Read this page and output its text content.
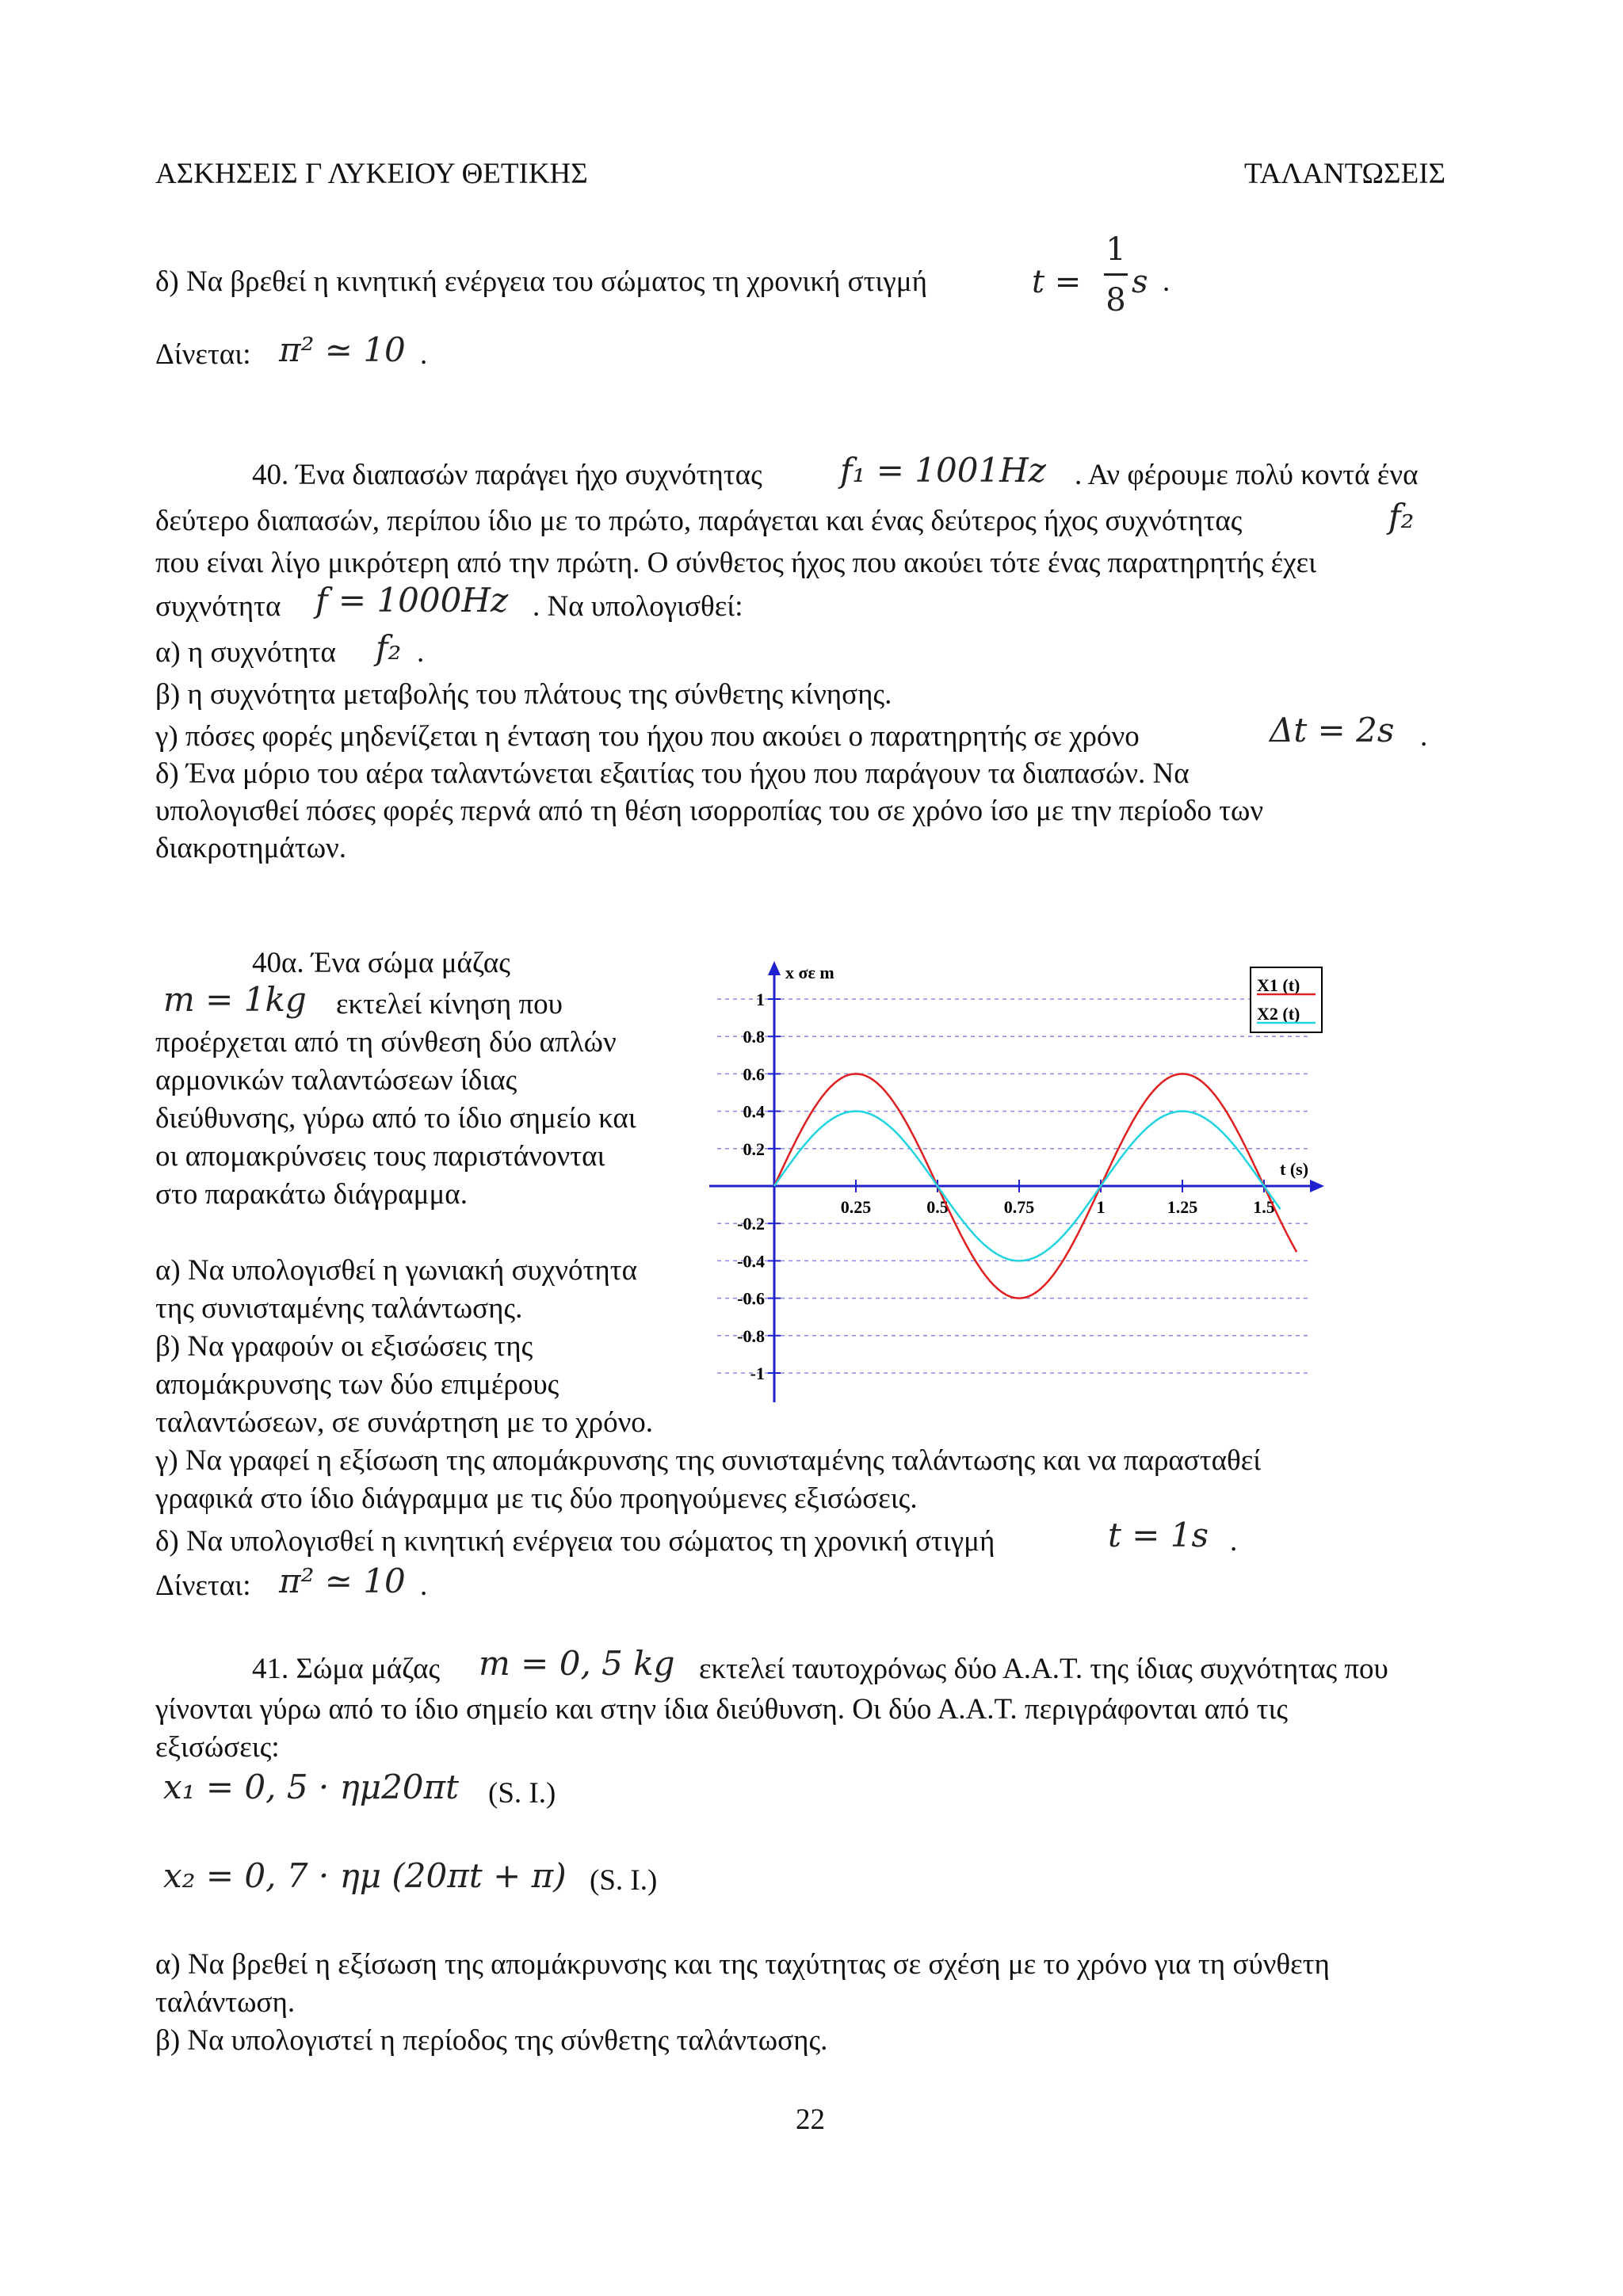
ΑΣΚΗΣΕΙΣ Γ ΛΥΚΕΙΟΥ ΘΕΤΙΚΗΣ	ΤΑΛΑΝΤΩΣΕΙΣ
δ) Να βρεθεί η κινητική ενέργεια του σώματος τη χρονική στιγμή	t =
1
8 s .
Δίνεται: π² ≃ 10 .
40. Ένα διαπασών παράγει ήχο συχνότητας f₁ = 1001Hz . Αν φέρουμε πολύ κοντά ένα
δεύτερο διαπασών, περίπου ίδιο με το πρώτο, παράγεται και ένας δεύτερος ήχος συχνότητας	f₂
που είναι λίγο μικρότερη από την πρώτη. Ο σύνθετος ήχος που ακούει τότε ένας παρατηρητής έχει
συχνότητα f = 1000Hz . Να υπολογισθεί:
α) η συχνότητα f₂ .
β) η συχνότητα μεταβολής του πλάτους της σύνθετης κίνησης.
γ) πόσες φορές μηδενίζεται η ένταση του ήχου που ακούει ο παρατηρητής σε χρόνο	Δt = 2s .
δ) Ένα μόριο του αέρα ταλαντώνεται εξαιτίας του ήχου που παράγουν τα διαπασών. Να
υπολογισθεί πόσες φορές περνά από τη θέση ισορροπίας του σε χρόνο ίσο με την περίοδο των
διακροτημάτων.
40α. Ένα σώμα μάζας
m = 1kg εκτελεί κίνηση που
προέρχεται από τη σύνθεση δύο απλών
αρμονικών ταλαντώσεων ίδιας
διεύθυνσης, γύρω από το ίδιο σημείο και
οι απομακρύνσεις τους παριστάνονται
στο παρακάτω διάγραμμα.
α) Να υπολογισθεί η γωνιακή συχνότητα
της συνισταμένης ταλάντωσης.
β) Να γραφούν οι εξισώσεις της
απομάκρυνσης των δύο επιμέρους
ταλαντώσεων, σε συνάρτηση με το χρόνο.
γ) Να γραφεί η εξίσωση της απομάκρυνσης της συνισταμένης ταλάντωσης και να παρασταθεί
γραφικά στο ίδιο διάγραμμα με τις δύο προηγούμενες εξισώσεις.
δ) Να υπολογισθεί η κινητική ενέργεια του σώματος τη χρονική στιγμή	t = 1s .
Δίνεται: π² ≃ 10 .
1
0.8
0.6
0.4
0.2
-0.2
-0.4
-0.6
-0.8
-1
0.25	0.5	0.75	1	1.25	1.5
x σε m
t (s)
X1 (t)
X2 (t)
41. Σώμα μάζας m = 0, 5 kg εκτελεί ταυτοχρόνως δύο Α.Α.Τ. της ίδιας συχνότητας που
γίνονται γύρω από το ίδιο σημείο και στην ίδια διεύθυνση. Οι δύο Α.Α.Τ. περιγράφονται από τις
εξισώσεις:
x₁ = 0, 5 · ημ20πt (S. I.)
x₂ = 0, 7 · ημ (20πt + π) (S. I.)
α) Να βρεθεί η εξίσωση της απομάκρυνσης και της ταχύτητας σε σχέση με το χρόνο για τη σύνθετη
ταλάντωση.
β) Να υπολογιστεί η περίοδος της σύνθετης ταλάντωσης.
22
